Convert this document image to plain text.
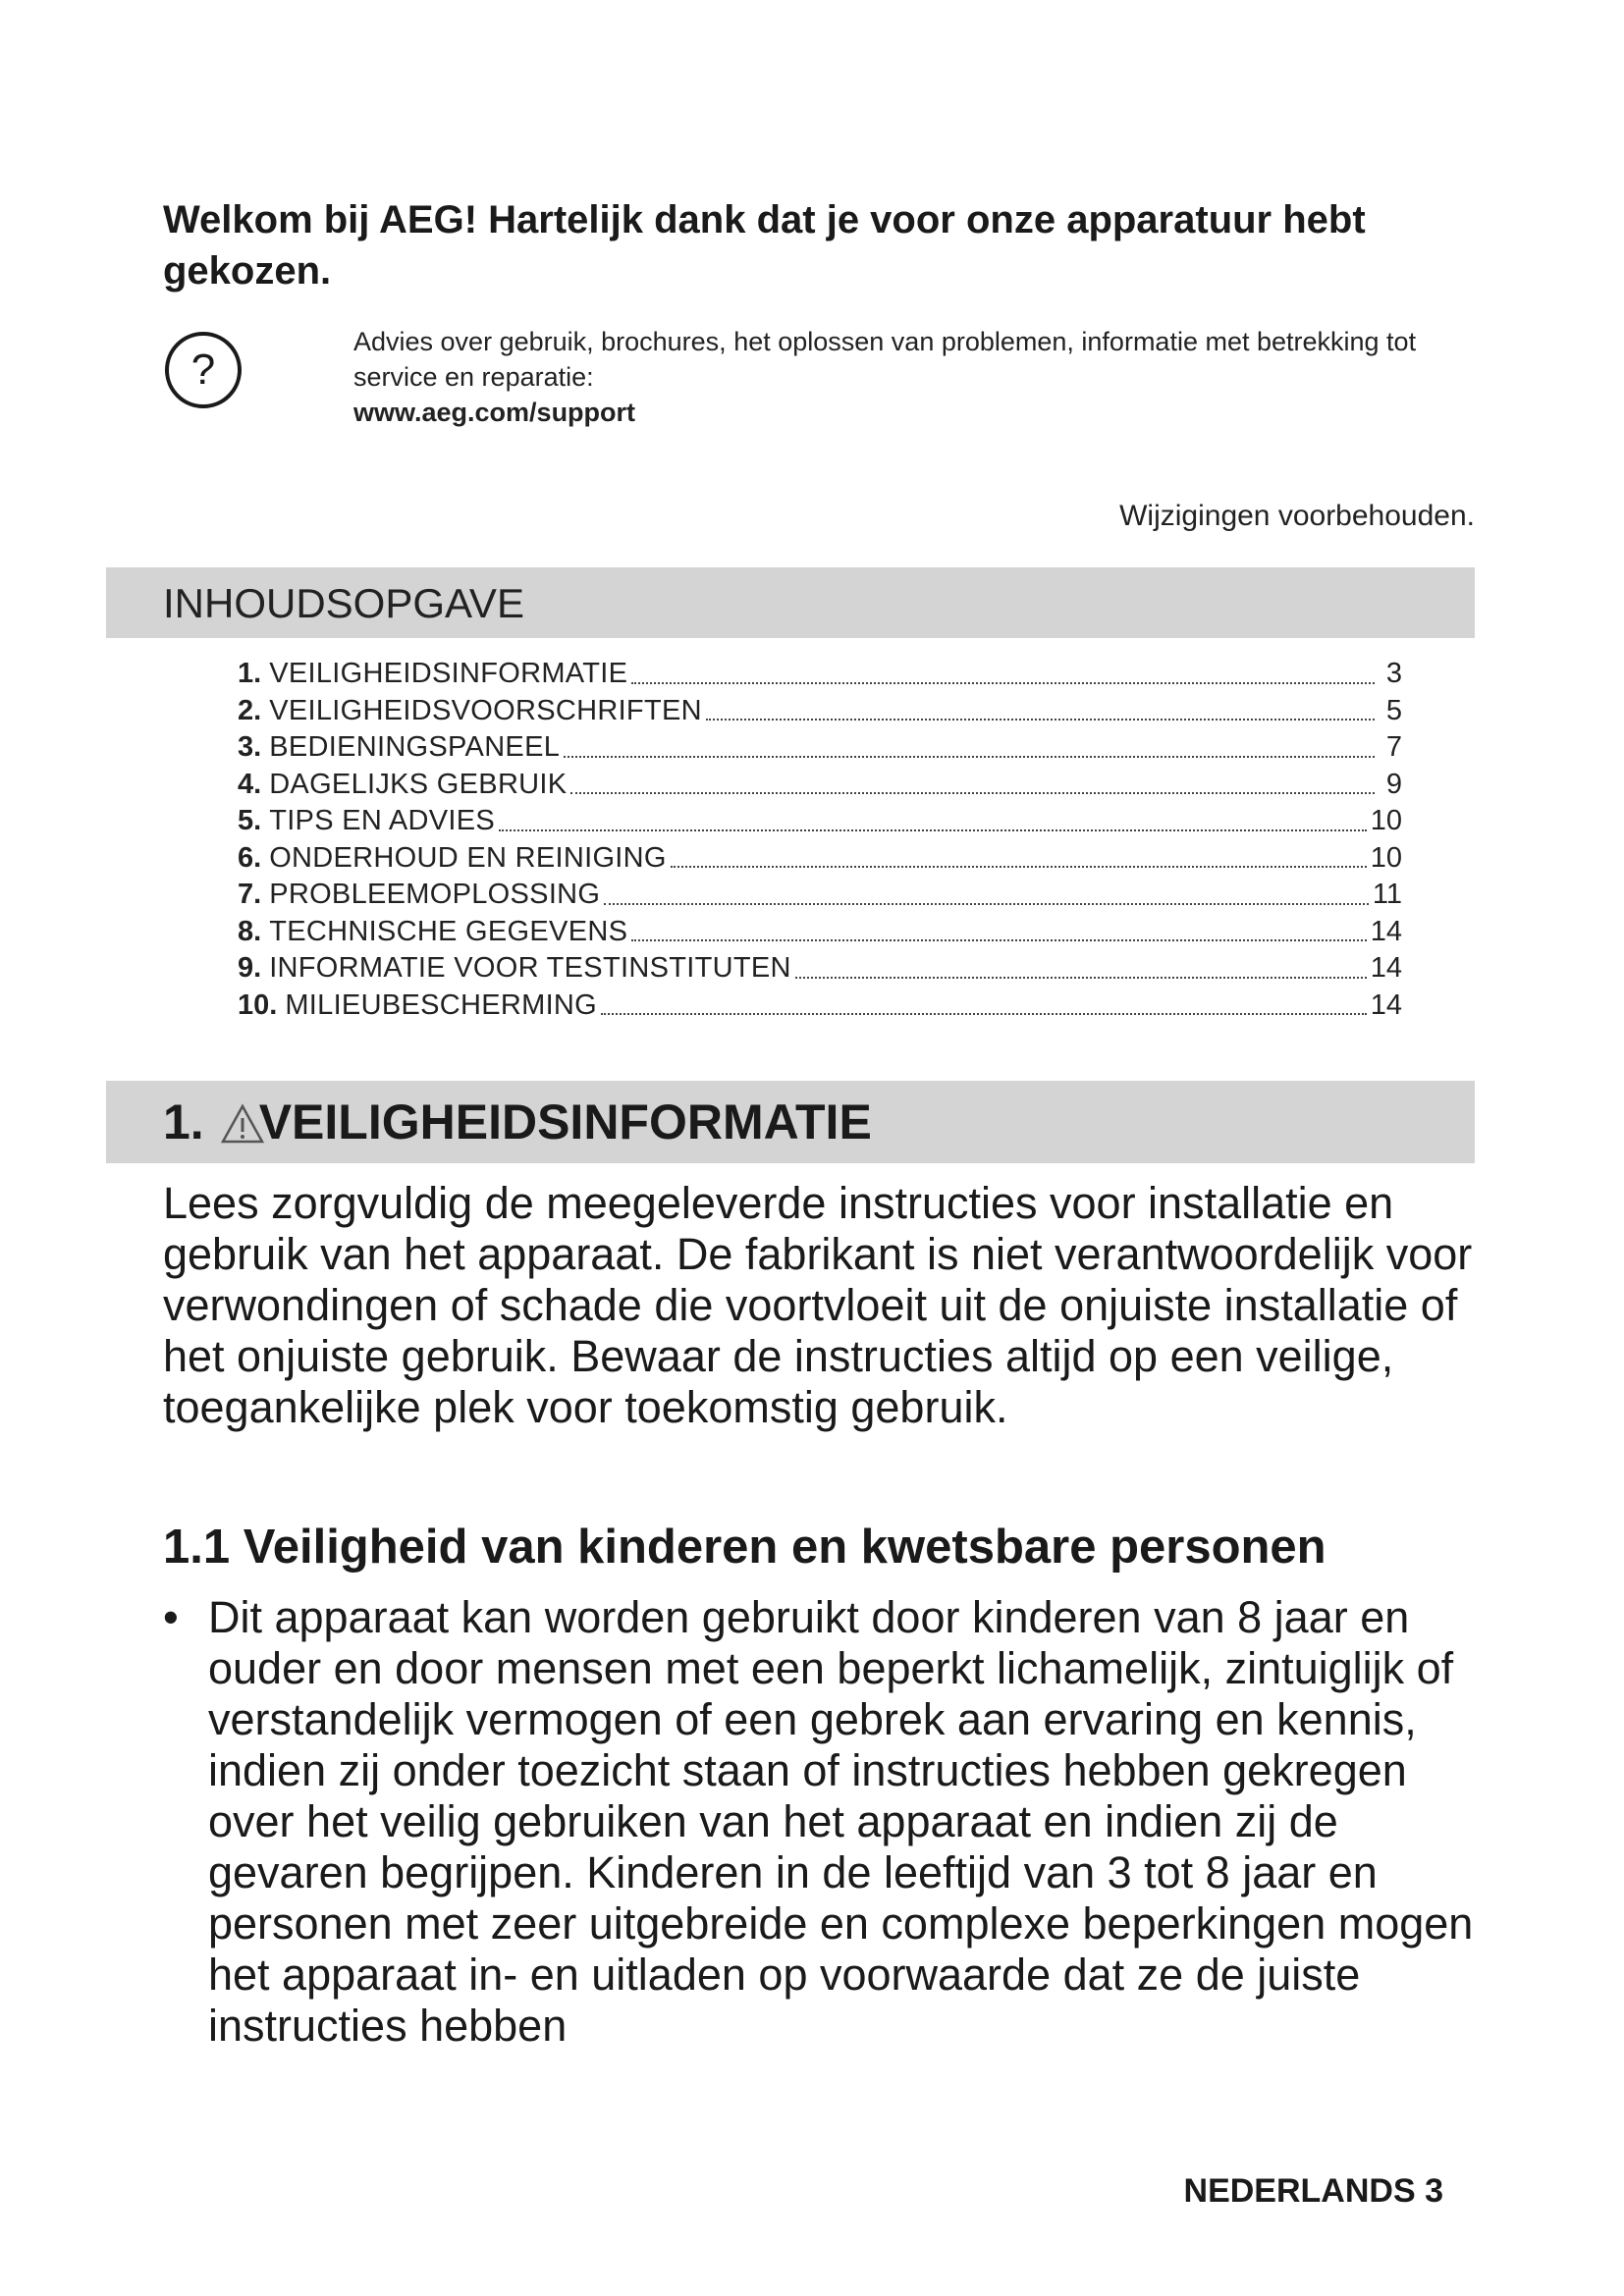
Welkom bij AEG! Hartelijk dank dat je voor onze apparatuur hebt gekozen.
?
Advies over gebruik, brochures, het oplossen van problemen, informatie met betrekking tot service en reparatie:
www.aeg.com/support
Wijzigingen voorbehouden.
INHOUDSOPGAVE
1. VEILIGHEIDSINFORMATIE	3
2. VEILIGHEIDSVOORSCHRIFTEN	5
3. BEDIENINGSPANEEL	7
4. DAGELIJKS GEBRUIK	9
5. TIPS EN ADVIES	10
6. ONDERHOUD EN REINIGING	10
7. PROBLEEMOPLOSSING	11
8. TECHNISCHE GEGEVENS	14
9. INFORMATIE VOOR TESTINSTITUTEN	14
10. MILIEUBESCHERMING	14
1. VEILIGHEIDSINFORMATIE
Lees zorgvuldig de meegeleverde instructies voor installatie en gebruik van het apparaat. De fabrikant is niet verantwoordelijk voor verwondingen of schade die voortvloeit uit de onjuiste installatie of het onjuiste gebruik. Bewaar de instructies altijd op een veilige, toegankelijke plek voor toekomstig gebruik.
1.1 Veiligheid van kinderen en kwetsbare personen
• Dit apparaat kan worden gebruikt door kinderen van 8 jaar en ouder en door mensen met een beperkt lichamelijk, zintuiglijk of verstandelijk vermogen of een gebrek aan ervaring en kennis, indien zij onder toezicht staan of instructies hebben gekregen over het veilig gebruiken van het apparaat en indien zij de gevaren begrijpen. Kinderen in de leeftijd van 3 tot 8 jaar en personen met zeer uitgebreide en complexe beperkingen mogen het apparaat in- en uitladen op voorwaarde dat ze de juiste instructies hebben
NEDERLANDS 3
